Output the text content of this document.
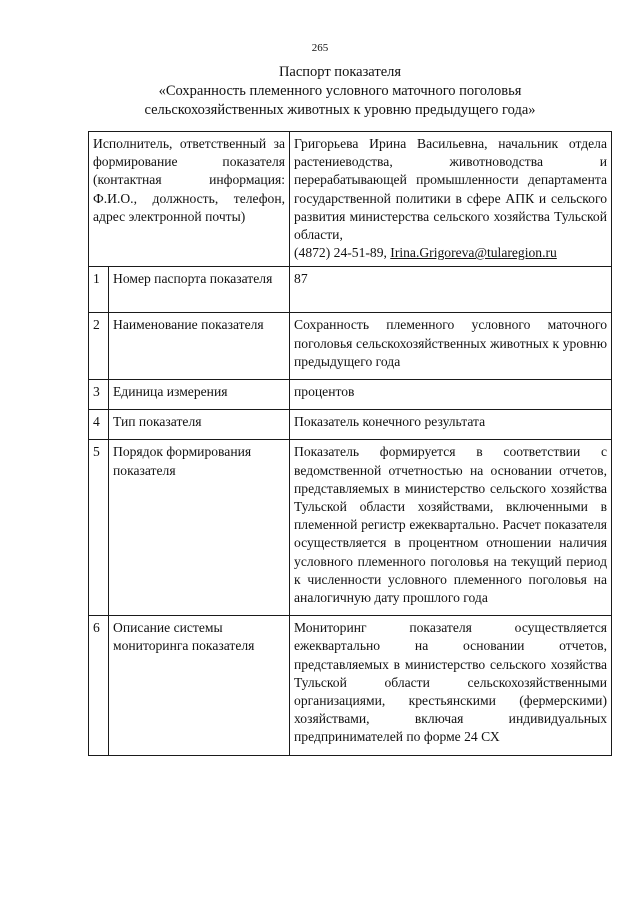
265
Паспорт показателя
«Сохранность племенного условного маточного поголовья
сельскохозяйственных животных к уровню предыдущего года»
Исполнитель, ответственный за формирование показателя (контактная информация: Ф.И.О., должность, телефон, адрес электронной почты)		Григорьева Ирина Васильевна, начальник отдела растениеводства, животноводства и перерабатывающей промышленности департамента государственной политики в сфере АПК и сельского развития министерства сельского хозяйства Тульской области,
(4872) 24-51-89, Irina.Grigoreva@tularegion.ru

1	Номер паспорта показателя	87
2	Наименование показателя	Сохранность племенного условного маточного поголовья сельскохозяйственных животных к уровню предыдущего года
3	Единица измерения	процентов
4	Тип показателя	Показатель конечного результата
5	Порядок формирования показателя	Показатель формируется в соответствии с ведомственной отчетностью на основании отчетов, представляемых в министерство сельского хозяйства Тульской области хозяйствами, включенными в племенной регистр ежеквартально. Расчет показателя осуществляется в процентном отношении наличия условного племенного поголовья на текущий период к численности условного племенного поголовья на аналогичную дату прошлого года
6	Описание системы мониторинга показателя	Мониторинг показателя осуществляется ежеквартально на основании отчетов, представляемых в министерство сельского хозяйства Тульской области сельскохозяйственными организациями, крестьянскими (фермерскими) хозяйствами, включая индивидуальных предпринимателей по форме 24 СХ
